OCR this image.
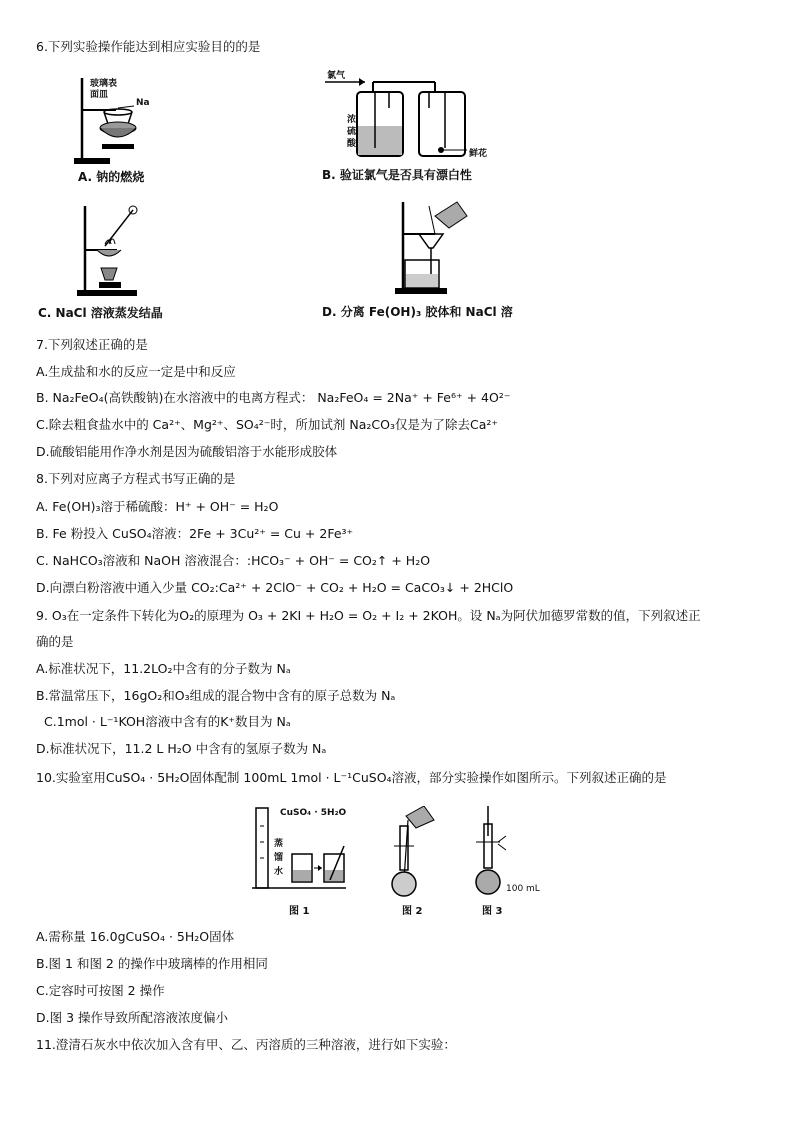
6.下列实验操作能达到相应实验目的的是
玻璃表
面皿
Na
A. 钠的燃烧
氯气
浓
硫
酸
鲜花
B. 验证氯气是否具有漂白性
C. NaCl 溶液蒸发结晶	D. 分离 Fe(OH)₃ 胶体和 NaCl 溶
7.下列叙述正确的是
A.生成盐和水的反应一定是中和反应
B. Na₂FeO₄(高铁酸钠)在水溶液中的电离方程式： Na₂FeO₄ = 2Na⁺ + Fe⁶⁺ + 4O²⁻
C.除去粗食盐水中的 Ca²⁺、Mg²⁺、SO₄²⁻时，所加试剂 Na₂CO₃仅是为了除去Ca²⁺
D.硫酸铝能用作净水剂是因为硫酸铝溶于水能形成胶体
8.下列对应离子方程式书写正确的是
A. Fe(OH)₃溶于稀硫酸：H⁺ + OH⁻ = H₂O
B. Fe 粉投入 CuSO₄溶液：2Fe + 3Cu²⁺ = Cu + 2Fe³⁺
C. NaHCO₃溶液和 NaOH 溶液混合：:HCO₃⁻ + OH⁻ = CO₂↑ + H₂O
D.向漂白粉溶液中通入少量 CO₂:Ca²⁺ + 2ClO⁻ + CO₂ + H₂O = CaCO₃↓ + 2HClO
9. O₃在一定条件下转化为O₂的原理为 O₃ + 2KI + H₂O = O₂ + I₂ + 2KOH。设 Nₐ为阿伏加德罗常数的值，下列叙述正
确的是
A.标准状况下，11.2LO₂中含有的分子数为 Nₐ
B.常温常压下，16gO₂和O₃组成的混合物中含有的原子总数为 Nₐ
C.1mol · L⁻¹KOH溶液中含有的K⁺数目为 Nₐ
D.标准状况下，11.2 L H₂O 中含有的氢原子数为 Nₐ
10.实验室用CuSO₄ · 5H₂O固体配制 100mL 1mol · L⁻¹CuSO₄溶液，部分实验操作如图所示。下列叙述正确的是
CuSO₄ · 5H₂O
蒸
馏
水
图 1	图 2
100 mL
图 3
A.需称量 16.0gCuSO₄ · 5H₂O固体
B.图 1 和图 2 的操作中玻璃棒的作用相同
C.定容时可按图 2 操作
D.图 3 操作导致所配溶液浓度偏小
11.澄清石灰水中依次加入含有甲、乙、丙溶质的三种溶液，进行如下实验：
